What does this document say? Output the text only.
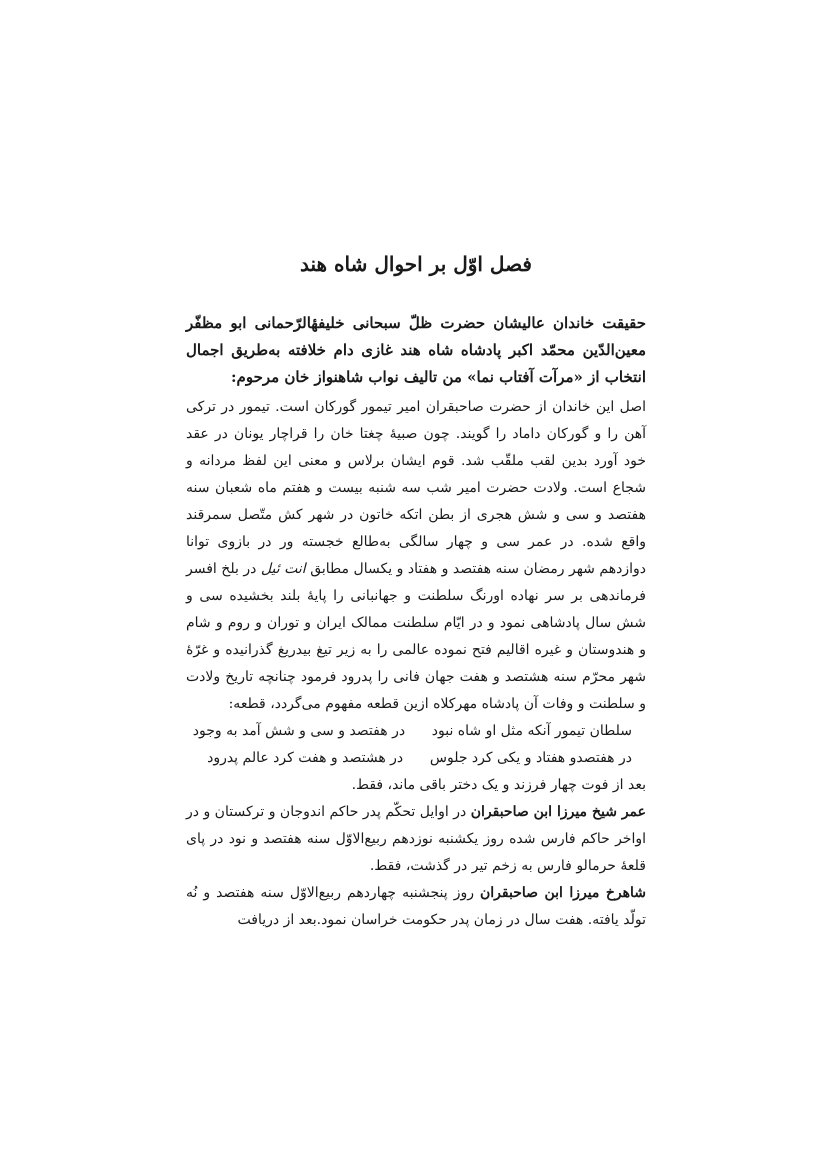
فصل اوّل بر احوال شاه هند

حقیقت خاندان عالیشان حضرت ظلّ سبحانی خلیفهٔالرّحمانی ابو مظفّر معین‌الدّین محمّد اکبر پادشاه شاه هند غازی دام خلافته به‌طریق اجمال انتخاب از «مرآت آفتاب نما» من تالیف نواب شاهنواز خان مرحوم:

اصل این خاندان از حضرت صاحبقران امیر تیمور گورکان است. تیمور در ترکی آهن را و گورکان داماد را گویند. چون صبیهٔ چغتا خان را قراچار یونان در عقد خود آورد بدین لقب ملقّب شد. قوم ایشان برلاس و معنی این لفظ مردانه و شجاع است. ولادت حضرت امیر شب سه شنبه بیست و هفتم ماه شعبان سنه هفتصد و سی و شش هجری از بطن اتکه خاتون در شهر کش متّصل سمرقند واقع شده. در عمر سی و چهار سالگی به‌طالع خجسته ور در بازوی توانا دوازدهم شهر رمضان سنه هفتصد و هفتاد و یکسال مطابق انت ئیل در بلخ افسر فرماندهی بر سر نهاده اورنگ سلطنت و جهانبانی را پایهٔ بلند بخشیده سی و شش سال پادشاهی نمود و در ایّام سلطنت ممالک ایران و توران و روم و شام و هندوستان و غیره اقالیم فتح نموده عالمی را به زیر تیغ بیدریغ گذرانیده و غرّهٔ شهر محرّم سنه هشتصد و هفت جهان فانی را پدرود فرمود چنانچه تاریخ ولادت و سلطنت و وفات آن پادشاه مهرکلاه ازین قطعه مفهوم می‌گردد، قطعه:

سلطان تیمور آنکه مثل او شاه نبود      در هفتصد و سی و شش آمد به وجود
در هفتصدو هفتاد و یکی کرد جلوس      در هشتصد و هفت کرد عالم پدرود

بعد از فوت چهار فرزند و یک دختر باقی ماند، فقط.

عمر شیخ میرزا ابن صاحبقران در اوایل تحکّم پدر حاکم اندوجان و ترکستان و در اواخر حاکم فارس شده روز یکشنبه نوزدهم ربیع‌الاوّل سنه هفتصد و نود در پای قلعهٔ حرمالو فارس به زخم تیر در گذشت، فقط.

شاهرخ میرزا ابن صاحبقران روز پنجشنبه چهاردهم ربیع‌الاوّل سنه هفتصد و نُه تولّد یافته. هفت سال در زمان پدر حکومت خراسان نمود.بعد از دریافت
